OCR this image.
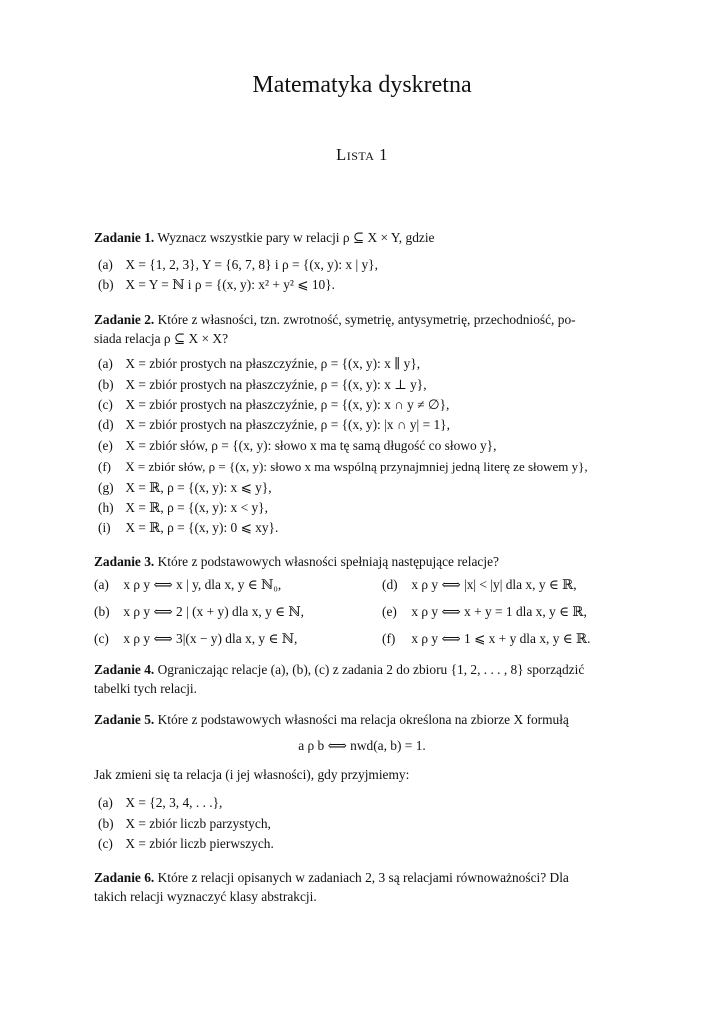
Matematyka dyskretna
Lista 1
Zadanie 1. Wyznacz wszystkie pary w relacji ρ ⊆ X × Y, gdzie
(a) X = {1, 2, 3}, Y = {6, 7, 8} i ρ = {(x, y): x | y},
(b) X = Y = ℕ i ρ = {(x, y): x² + y² ⩽ 10}.
Zadanie 2. Które z własności, tzn. zwrotność, symetrię, antysymetrię, przechodniość, po-
siada relacja ρ ⊆ X × X?
(a) X = zbiór prostych na płaszczyźnie, ρ = {(x, y): x ∥ y},
(b) X = zbiór prostych na płaszczyźnie, ρ = {(x, y): x ⊥ y},
(c) X = zbiór prostych na płaszczyźnie, ρ = {(x, y): x ∩ y ≠ ∅},
(d) X = zbiór prostych na płaszczyźnie, ρ = {(x, y): |x ∩ y| = 1},
(e) X = zbiór słów, ρ = {(x, y): słowo x ma tę samą długość co słowo y},
(f) X = zbiór słów, ρ = {(x, y): słowo x ma wspólną przynajmniej jedną literę ze słowem y},
(g) X = ℝ, ρ = {(x, y): x ⩽ y},
(h) X = ℝ, ρ = {(x, y): x < y},
(i) X = ℝ, ρ = {(x, y): 0 ⩽ xy}.
Zadanie 3. Które z podstawowych własności spełniają następujące relacje?
(a) x ρ y ⟺ x | y, dla x, y ∈ ℕ₀,
(b) x ρ y ⟺ 2 | (x + y) dla x, y ∈ ℕ,
(c) x ρ y ⟺ 3|(x − y) dla x, y ∈ ℕ,
(d) x ρ y ⟺ |x| < |y| dla x, y ∈ ℝ,
(e) x ρ y ⟺ x + y = 1 dla x, y ∈ ℝ,
(f) x ρ y ⟺ 1 ⩽ x + y dla x, y ∈ ℝ.
Zadanie 4. Ograniczając relacje (a), (b), (c) z zadania 2 do zbioru {1, 2, . . . , 8} sporządzić
tabelki tych relacji.
Zadanie 5. Które z podstawowych własności ma relacja określona na zbiorze X formułą
a ρ b ⟺ nwd(a, b) = 1.
Jak zmieni się ta relacja (i jej własności), gdy przyjmiemy:
(a) X = {2, 3, 4, . . .},
(b) X = zbiór liczb parzystych,
(c) X = zbiór liczb pierwszych.
Zadanie 6. Które z relacji opisanych w zadaniach 2, 3 są relacjami równoważności? Dla
takich relacji wyznaczyć klasy abstrakcji.
